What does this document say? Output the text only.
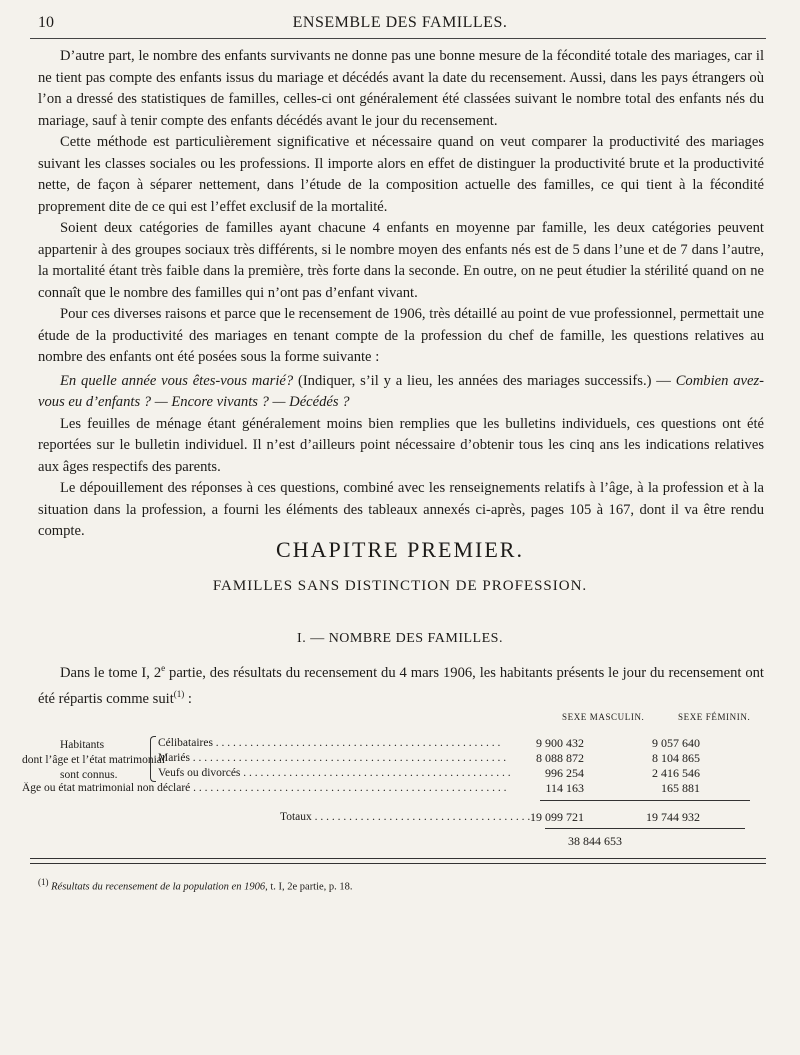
10	ENSEMBLE DES FAMILLES.

D’autre part, le nombre des enfants survivants ne donne pas une bonne mesure de la fécondité totale des mariages, car il ne tient pas compte des enfants issus du mariage et décédés avant la date du recensement. Aussi, dans les pays étrangers où l’on a dressé des statistiques de familles, celles-ci ont généralement été classées suivant le nombre total des enfants nés du mariage, sauf à tenir compte des enfants décédés avant le jour du recensement.

Cette méthode est particulièrement significative et nécessaire quand on veut comparer la productivité des mariages suivant les classes sociales ou les professions. Il importe alors en effet de distinguer la productivité brute et la productivité nette, de façon à séparer nettement, dans l’étude de la composition actuelle des familles, ce qui tient à la fécondité proprement dite de ce qui est l’effet exclusif de la mortalité.

Soient deux catégories de familles ayant chacune 4 enfants en moyenne par famille, les deux catégories peuvent appartenir à des groupes sociaux très différents, si le nombre moyen des enfants nés est de 5 dans l’une et de 7 dans l’autre, la mortalité étant très faible dans la première, très forte dans la seconde. En outre, on ne peut étudier la stérilité quand on ne connaît que le nombre des familles qui n’ont pas d’enfant vivant.

Pour ces diverses raisons et parce que le recensement de 1906, très détaillé au point de vue professionnel, permettait une étude de la productivité des mariages en tenant compte de la profession du chef de famille, les questions relatives au nombre des enfants ont été posées sous la forme suivante :

En quelle année vous êtes-vous marié? (Indiquer, s’il y a lieu, les années des mariages successifs.) — Combien avez-vous eu d’enfants ? — Encore vivants ? — Décédés ?

Les feuilles de ménage étant généralement moins bien remplies que les bulletins individuels, ces questions ont été reportées sur le bulletin individuel. Il n’est d’ailleurs point nécessaire d’obtenir tous les cinq ans les indications relatives aux âges respectifs des parents.

Le dépouillement des réponses à ces questions, combiné avec les renseignements relatifs à l’âge, à la profession et à la situation dans la profession, a fourni les éléments des tableaux annexés ci-après, pages 105 à 167, dont il va être rendu compte.

CHAPITRE PREMIER.
FAMILLES SANS DISTINCTION DE PROFESSION.
I. — NOMBRE DES FAMILLES.

Dans le tome I, 2e partie, des résultats du recensement du 4 mars 1906, les habitants présents le jour du recensement ont été répartis comme suit$^{(1)}$ :

SEXE MASCULIN.	SEXE FÉMININ.
Habitants
dont l’âge et l’état matrimonial
sont connus.
Célibataires . . . . . . . . . . . . . . . . . . . . . . . . . . . . . . . . . . . . . . . . . . . . . . . . . .	9 900 432	9 057 640
Mariés . . . . . . . . . . . . . . . . . . . . . . . . . . . . . . . . . . . . . . . . . . . . . . . . . . . . . . .	8 088 872	8 104 865
Veufs ou divorcés . . . . . . . . . . . . . . . . . . . . . . . . . . . . . . . . . . . . . . . . . . . . . . .	996 254	2 416 546
Âge ou état matrimonial non déclaré . . . . . . . . . . . . . . . . . . . . . . . . . . . . . . . . . . . . . . . . . . . . . . . . . . . . . . .	114 163	165 881
Totaux . . . . . . . . . . . . . . . . . . . . . . . . . . . . . . . . . . . . . . 19 099 721	19 744 932
38 844 653
$^{(1)}$ Résultats du recensement de la population en 1906, t. I, 2e partie, p. 18.
